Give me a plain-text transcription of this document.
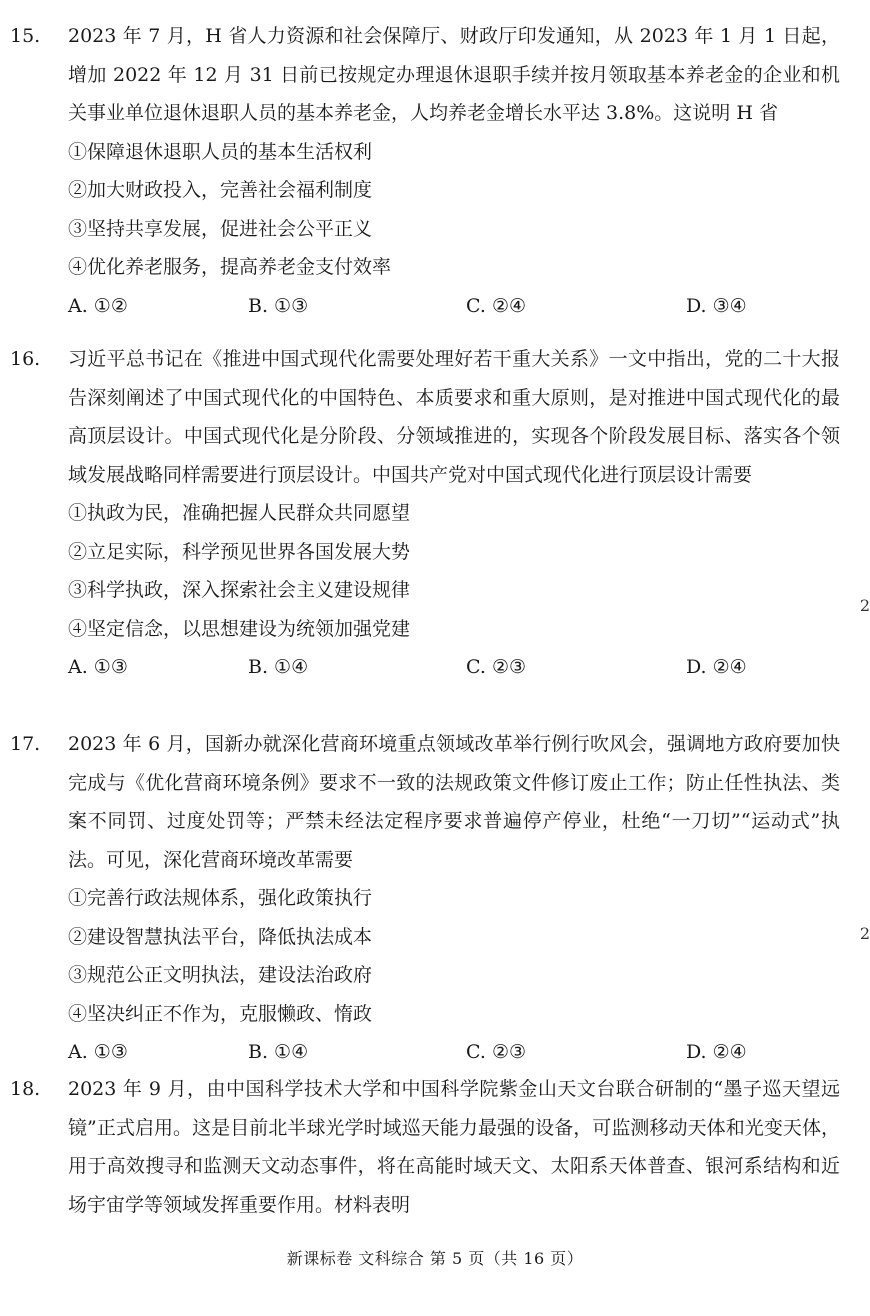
15. 2023 年 7 月，H 省人力资源和社会保障厅、财政厅印发通知，从 2023 年 1 月 1 日起，增加 2022 年 12 月 31 日前已按规定办理退休退职手续并按月领取基本养老金的企业和机关事业单位退休退职人员的基本养老金，人均养老金增长水平达 3.8%。这说明 H 省
①保障退休退职人员的基本生活权利
②加大财政投入，完善社会福利制度
③坚持共享发展，促进社会公平正义
④优化养老服务，提高养老金支付效率
A. ①②	B. ①③	C. ②④	D. ③④
16. 习近平总书记在《推进中国式现代化需要处理好若干重大关系》一文中指出，党的二十大报告深刻阐述了中国式现代化的中国特色、本质要求和重大原则，是对推进中国式现代化的最高顶层设计。中国式现代化是分阶段、分领域推进的，实现各个阶段发展目标、落实各个领域发展战略同样需要进行顶层设计。中国共产党对中国式现代化进行顶层设计需要
①执政为民，准确把握人民群众共同愿望
②立足实际，科学预见世界各国发展大势
③科学执政，深入探索社会主义建设规律
④坚定信念，以思想建设为统领加强党建
A. ①③	B. ①④	C. ②③	D. ②④
17. 2023 年 6 月，国新办就深化营商环境重点领域改革举行例行吹风会，强调地方政府要加快完成与《优化营商环境条例》要求不一致的法规政策文件修订废止工作；防止任性执法、类案不同罚、过度处罚等；严禁未经法定程序要求普遍停产停业，杜绝“一刀切”“运动式”执法。可见，深化营商环境改革需要
①完善行政法规体系，强化政策执行
②建设智慧执法平台，降低执法成本
③规范公正文明执法，建设法治政府
④坚决纠正不作为，克服懒政、惰政
A. ①③	B. ①④	C. ②③	D. ②④
18. 2023 年 9 月，由中国科学技术大学和中国科学院紫金山天文台联合研制的“墨子巡天望远镜”正式启用。这是目前北半球光学时域巡天能力最强的设备，可监测移动天体和光变天体，用于高效搜寻和监测天文动态事件，将在高能时域天文、太阳系天体普查、银河系结构和近场宇宙学等领域发挥重要作用。材料表明
新课标卷 文科综合 第 5 页（共 16 页）
2
2
